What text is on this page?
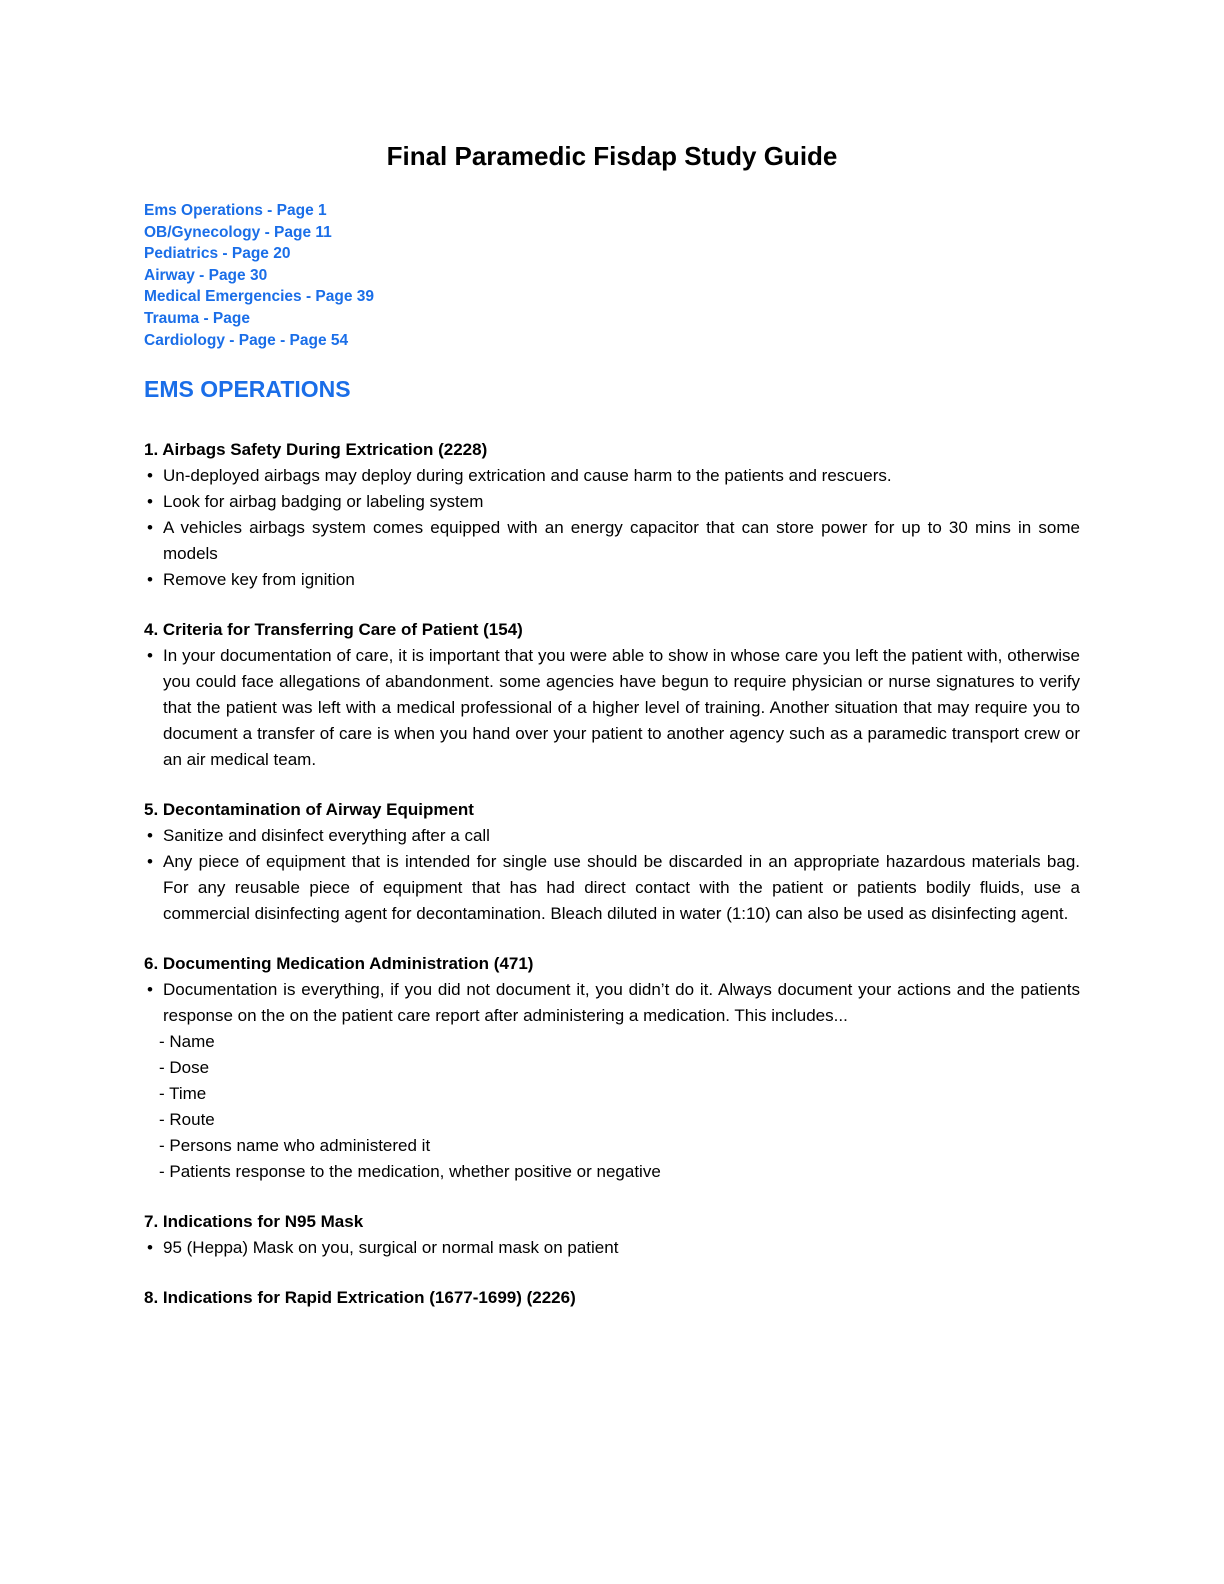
Final Paramedic Fisdap Study Guide
Ems Operations - Page 1
OB/Gynecology - Page 11
Pediatrics - Page 20
Airway - Page 30
Medical Emergencies - Page 39
Trauma - Page
Cardiology - Page - Page 54
EMS OPERATIONS
1. Airbags Safety During Extrication (2228)
• Un-deployed airbags may deploy during extrication and cause harm to the patients and rescuers.
• Look for airbag badging or labeling system
• A vehicles airbags system comes equipped with an energy capacitor that can store power for up to 30 mins in some models
• Remove key from ignition
4. Criteria for Transferring Care of Patient (154)
• In your documentation of care, it is important that you were able to show in whose care you left the patient with, otherwise you could face allegations of abandonment. some agencies have begun to require physician or nurse signatures to verify that the patient was left with a medical professional of a higher level of training. Another situation that may require you to document a transfer of care is when you hand over your patient to another agency such as a paramedic transport crew or an air medical team.
5. Decontamination of Airway Equipment
• Sanitize and disinfect everything after a call
• Any piece of equipment that is intended for single use should be discarded in an appropriate hazardous materials bag. For any reusable piece of equipment that has had direct contact with the patient or patients bodily fluids, use a commercial disinfecting agent for decontamination. Bleach diluted in water (1:10) can also be used as disinfecting agent.
6. Documenting Medication Administration (471)
• Documentation is everything, if you did not document it, you didn’t do it. Always document your actions and the patients response on the on the patient care report after administering a medication. This includes...
- Name
- Dose
- Time
- Route
- Persons name who administered it
- Patients response to the medication, whether positive or negative
7. Indications for N95 Mask
• 95 (Heppa) Mask on you, surgical or normal mask on patient
8. Indications for Rapid Extrication (1677-1699) (2226)
